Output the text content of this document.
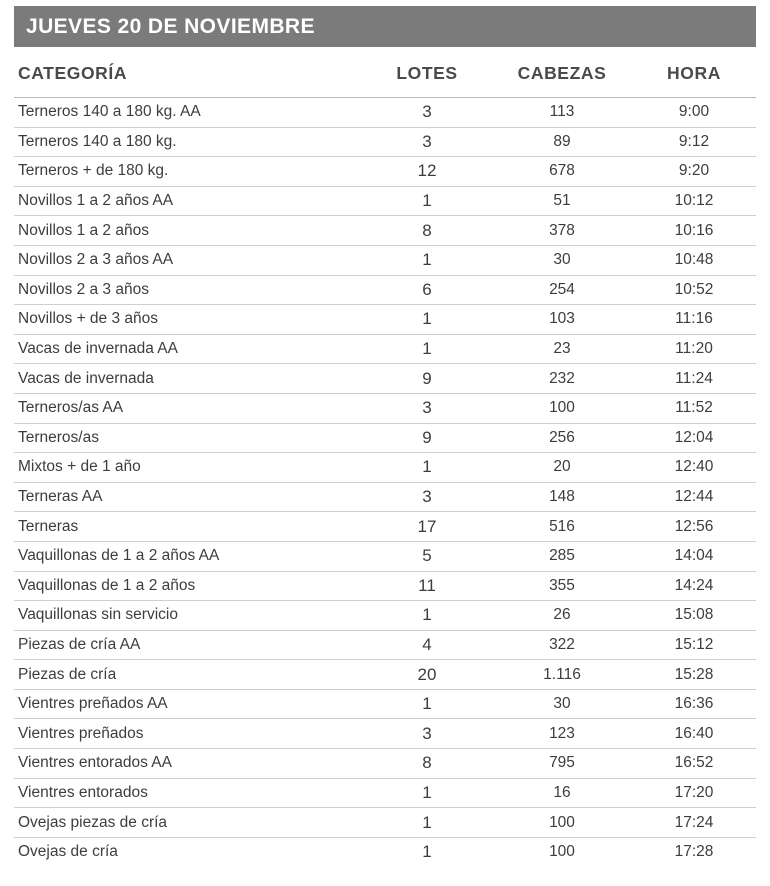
JUEVES 20 DE NOVIEMBRE
CATEGORÍA	LOTES	CABEZAS	HORA
Terneros 140 a 180 kg. AA	3	113	9:00
Terneros 140 a 180 kg.	3	89	9:12
Terneros + de 180 kg.	12	678	9:20
Novillos 1 a 2 años AA	1	51	10:12
Novillos 1 a 2 años	8	378	10:16
Novillos 2 a 3 años AA	1	30	10:48
Novillos 2 a 3 años	6	254	10:52
Novillos + de 3 años	1	103	11:16
Vacas de invernada AA	1	23	11:20
Vacas de invernada	9	232	11:24
Terneros/as AA	3	100	11:52
Terneros/as	9	256	12:04
Mixtos + de 1 año	1	20	12:40
Terneras AA	3	148	12:44
Terneras	17	516	12:56
Vaquillonas de 1 a 2 años AA	5	285	14:04
Vaquillonas de 1 a 2 años	11	355	14:24
Vaquillonas sin servicio	1	26	15:08
Piezas de cría AA	4	322	15:12
Piezas de cría	20	1.116	15:28
Vientres preñados AA	1	30	16:36
Vientres preñados	3	123	16:40
Vientres entorados AA	8	795	16:52
Vientres entorados	1	16	17:20
Ovejas piezas de cría	1	100	17:24
Ovejas de cría	1	100	17:28
